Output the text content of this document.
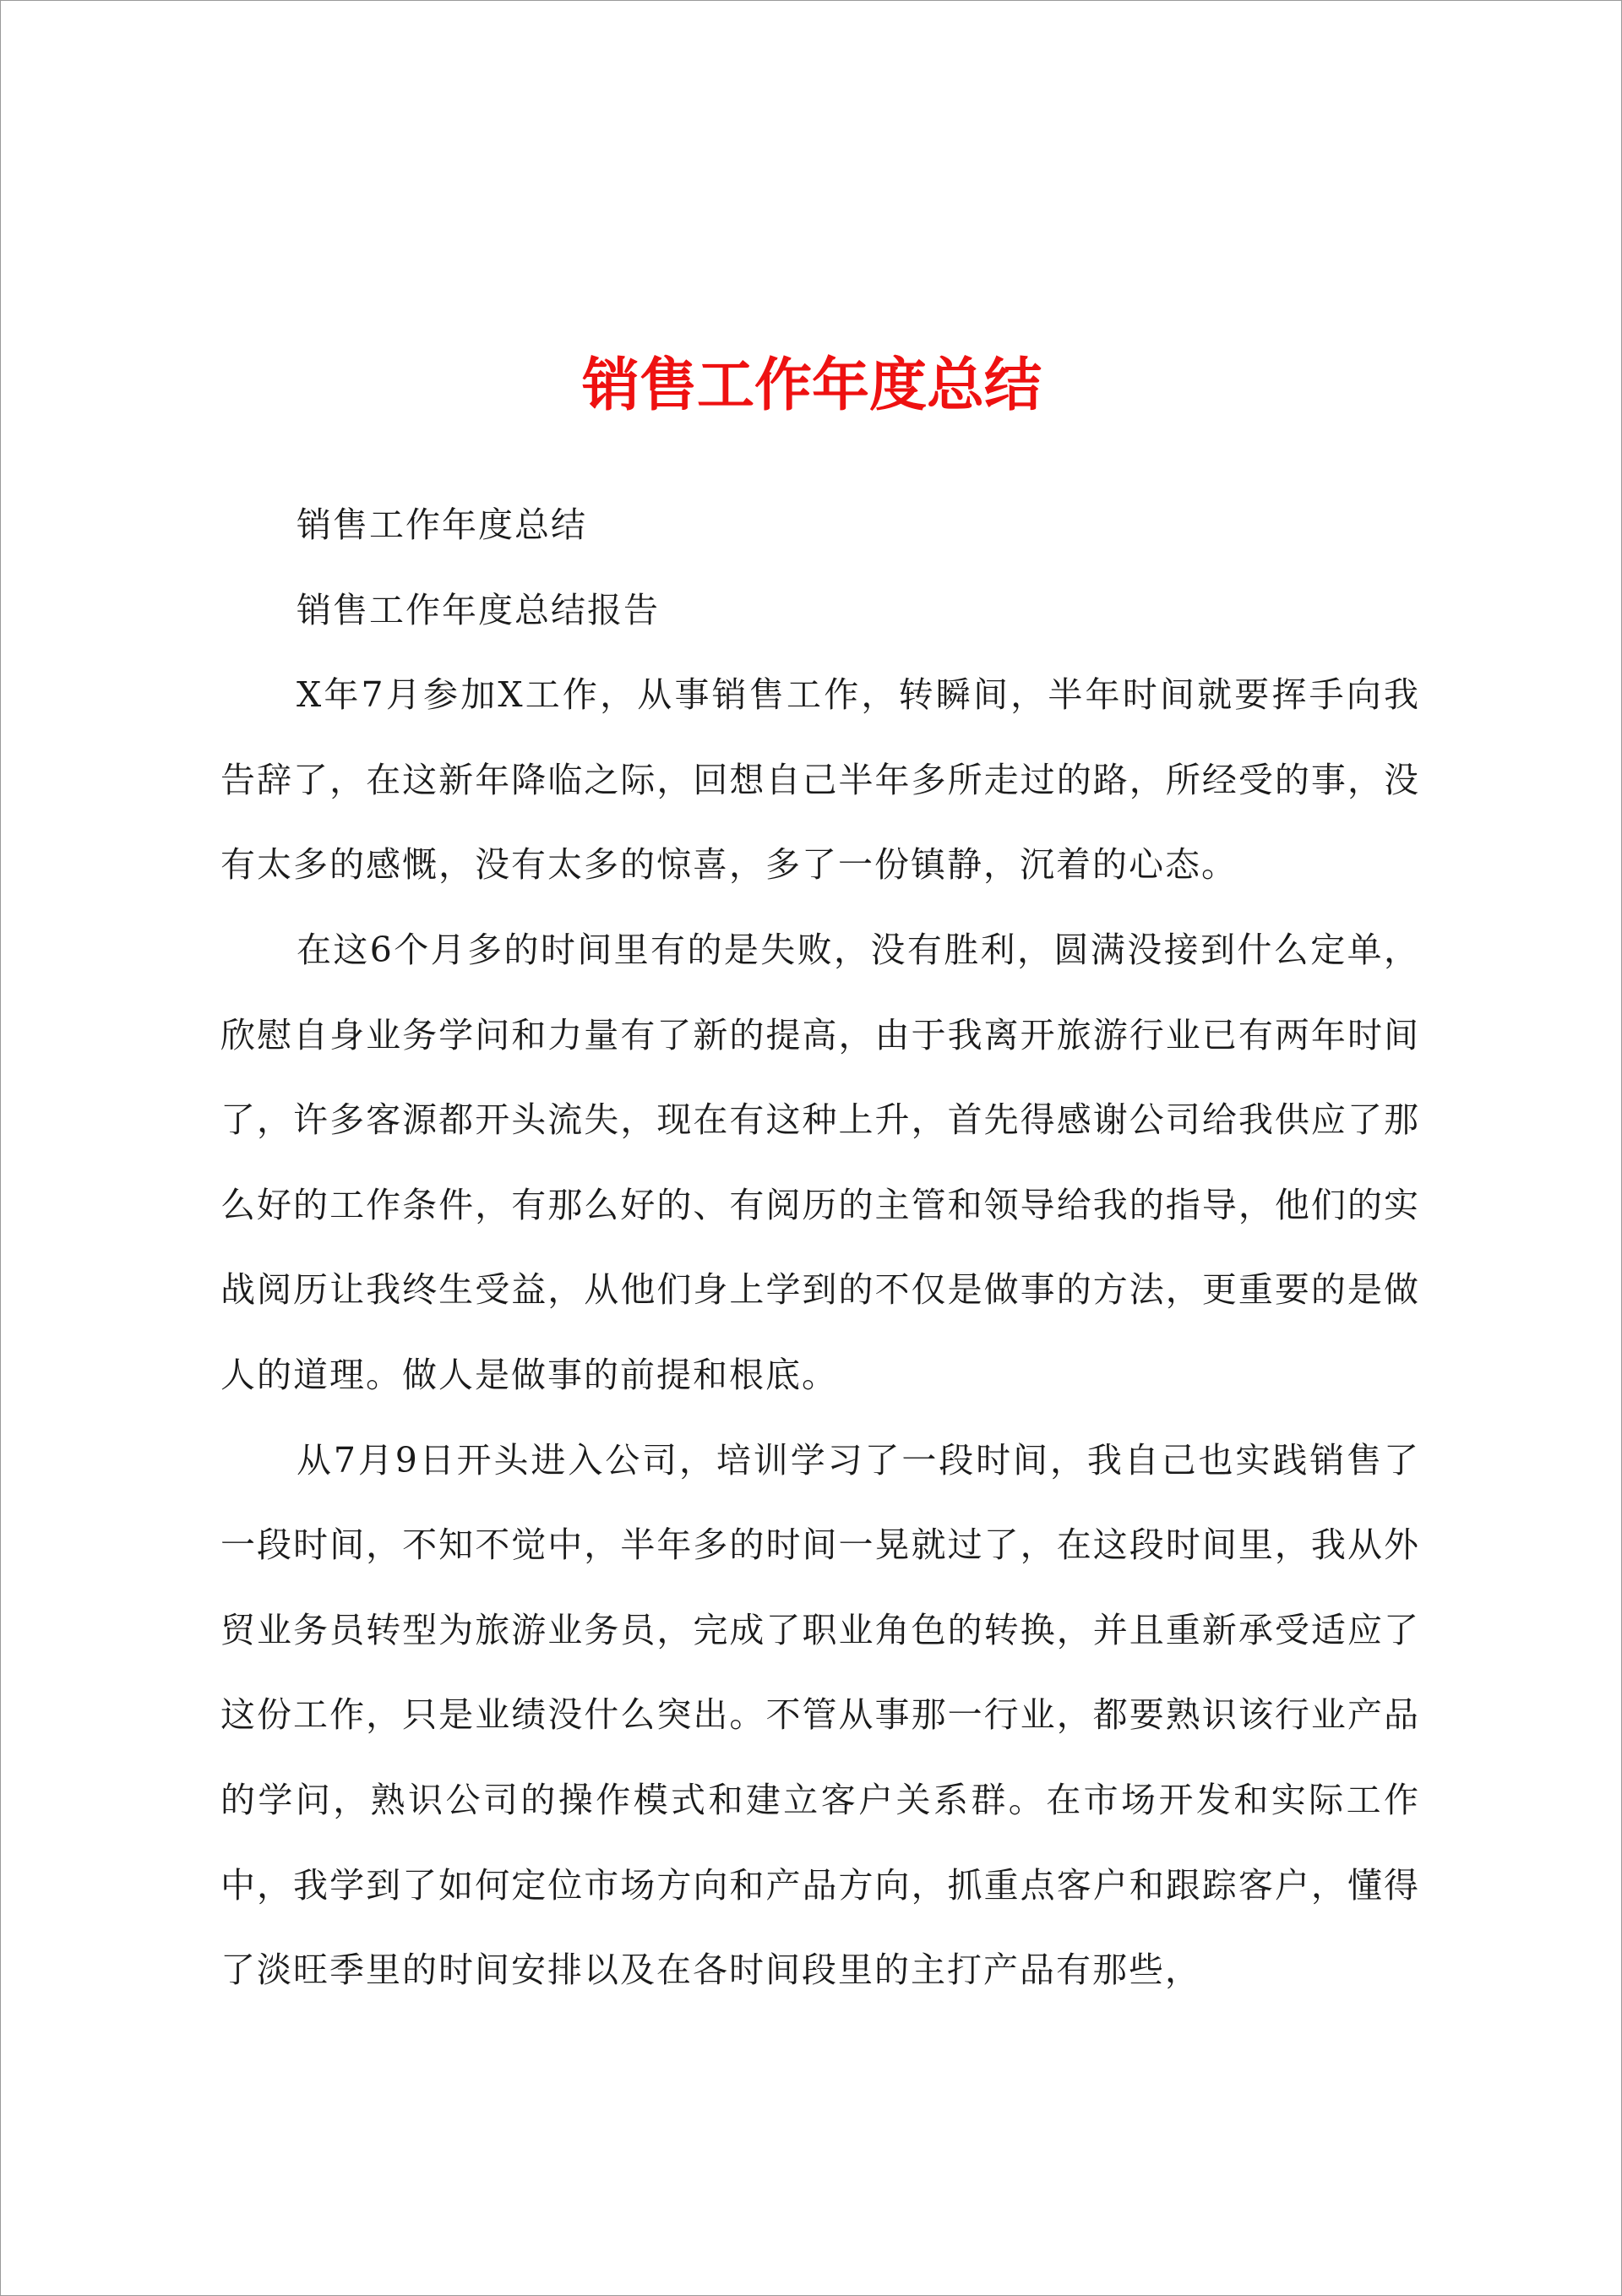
销售工作年度总结

销售工作年度总结

销售工作年度总结报告

X年7月参加X工作，从事销售工作，转瞬间，半年时间就要挥手向我告辞了，在这新年降临之际，回想自己半年多所走过的路，所经受的事，没有太多的感慨，没有太多的惊喜，多了一份镇静，沉着的心态。

在这6个月多的时间里有的是失败，没有胜利，圆满没接到什么定单，欣慰自身业务学问和力量有了新的提高，由于我离开旅游行业已有两年时间了，许多客源都开头流失，现在有这种上升，首先得感谢公司给我供应了那么好的工作条件，有那么好的、有阅历的主管和领导给我的指导，他们的实战阅历让我终生受益，从他们身上学到的不仅是做事的方法，更重要的是做人的道理。做人是做事的前提和根底。

从7月9日开头进入公司，培训学习了一段时间，我自己也实践销售了一段时间，不知不觉中，半年多的时间一晃就过了，在这段时间里，我从外贸业务员转型为旅游业务员，完成了职业角色的转换，并且重新承受适应了这份工作，只是业绩没什么突出。不管从事那一行业，都要熟识该行业产品的学问，熟识公司的操作模式和建立客户关系群。在市场开发和实际工作中，我学到了如何定位市场方向和产品方向，抓重点客户和跟踪客户，懂得了淡旺季里的时间安排以及在各时间段里的主打产品有那些，
